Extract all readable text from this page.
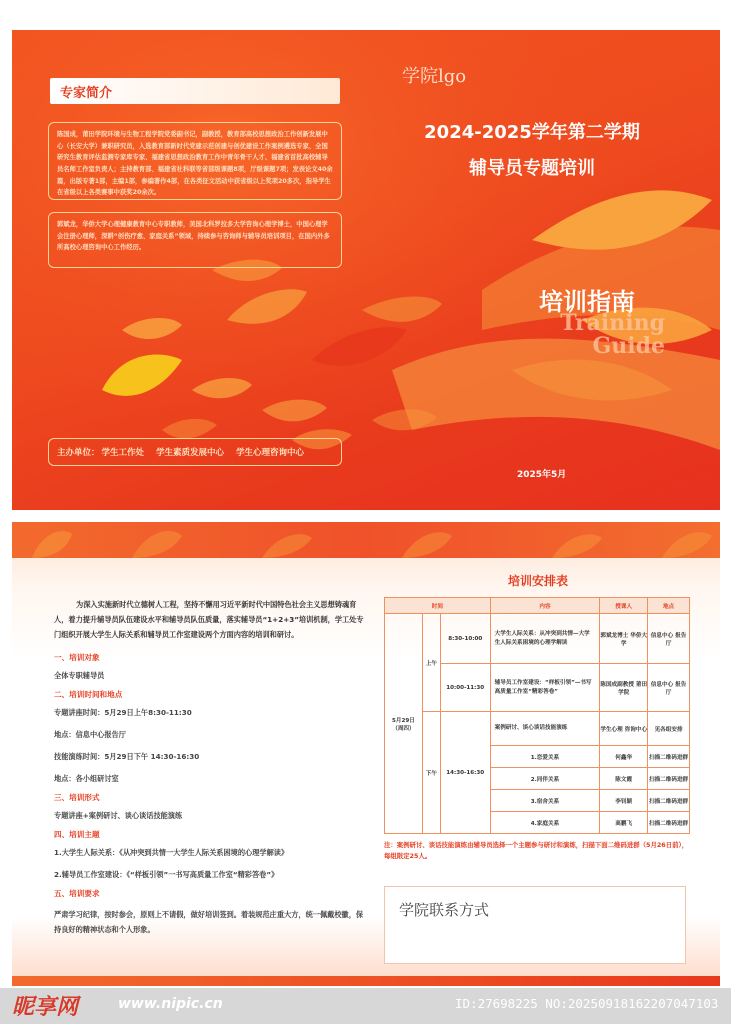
专家简介
陈国成，莆田学院环境与生物工程学院党委副书记，副教授，教育部高校思想政治工作创新发展中心（长安大学）兼职研究员，入选教育部新时代党建示范创建与创优建设工作案例遴选专家、全国研究生教育评估监测专家库专家、福建省思想政治教育工作中青年骨干人才、福建省首批高校辅导员名师工作室负责人；主持教育部、福建省社科联等省部级课题8项，厅级课题7项；发表论文40余篇，出版专著1部，主编1部，参编著作4部，在各类征文活动中获省级以上奖项20多次，指导学生在省级以上各类赛事中获奖20余次。
郭斌龙，华侨大学心理健康教育中心专职教师，美国北科罗拉多大学咨询心理学博士，中国心理学会注册心理师，深耕“创伤疗愈、家庭关系”领域，持续参与咨询师与辅导员培训项目，在国内外多所高校心理咨询中心工作经历。
学院lgo
2024-2025学年第二学期
辅导员专题培训
培训指南
Training
Guide
主办单位： 学生工作处 学生素质发展中心 学生心理咨询中心
2025年5月

为深入实施新时代立德树人工程，坚持不懈用习近平新时代中国特色社会主义思想铸魂育人，着力提升辅导员队伍建设水平和辅导员队伍质量，落实辅导员“1+2+3”培训机制，学工处专门组织开展大学生人际关系和辅导员工作室建设两个方面内容的培训和研讨。

一、培训对象
全体专职辅导员
二、培训时间和地点
专题讲座时间：5月29日上午8:30-11:30
地点：信息中心报告厅
技能演练时间：5月29日下午 14:30-16:30
地点：各小组研讨室
三、培训形式
专题讲座+案例研讨、谈心谈话技能演练
四、培训主题
1.大学生人际关系：《从冲突到共情一大学生人际关系困境的心理学解读》
2.辅导员工作室建设：《“样板引领”一书写高质量工作室“精彩答卷”》
五、培训要求
严肃学习纪律，按时参会，原则上不请假，做好培训签到。着装规范庄重大方，统一佩戴校徽，保持良好的精神状态和个人形象。
培训安排表
时间			内容	授课人	地点

5月29日
（周四）	上午	8:30-10:00	大学生人际关系：从冲突到共情—大学生人际关系困境的心理学解读	郭斌龙博士 华侨大学	信息中心 报告厅
		10:00-11:30	辅导员工作室建设：“样板引领”—书写高质量工作室“精彩答卷”	陈国成副教授 莆田学院	信息中心 报告厅
	下午	14:30-16:30	案例研讨、谈心谈话技能演练	学生心理 咨询中心	见各组安排
			1.恋爱关系	何鑫华	扫描二维码进群
			2.同伴关系	陈文霞	扫描二维码进群
			3.宿舍关系	李钊颖	扫描二维码进群
			4.家庭关系	高鹏飞	扫描二维码进群
注：案例研讨、谈话技能演练由辅导员选择一个主题参与研讨和演练，扫描下面二维码进群（5月26日前），每组限定25人。
学院联系方式
昵享网	www.nipic.cn	ID:27698225 NO:20250918162207047103
